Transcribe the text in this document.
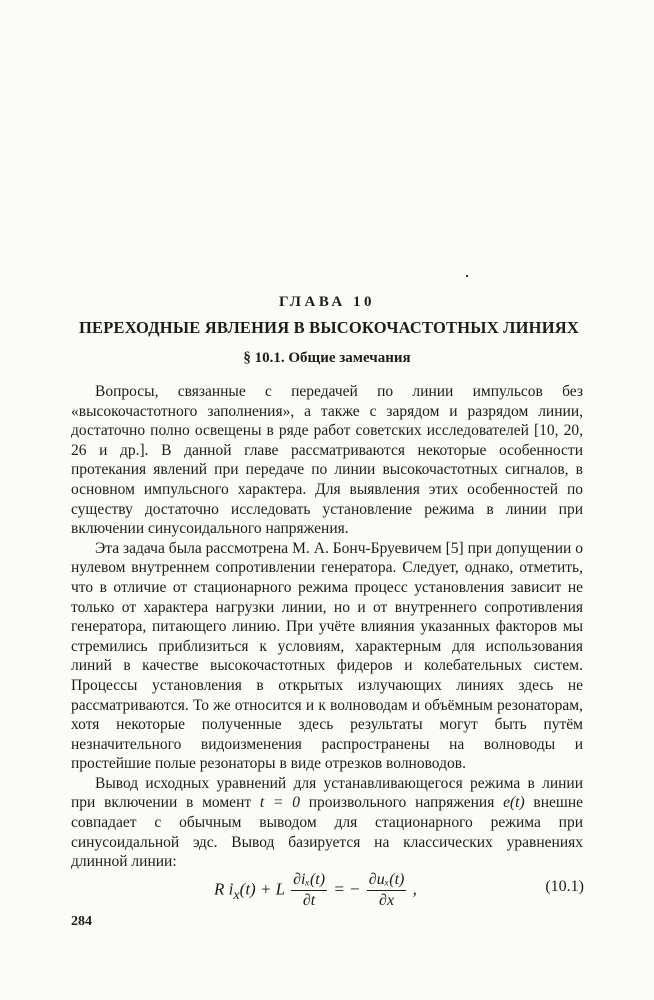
ГЛАВА 10
ПЕРЕХОДНЫЕ ЯВЛЕНИЯ В ВЫСОКОЧАСТОТНЫХ ЛИНИЯХ
§ 10.1. Общие замечания

Вопросы, связанные с передачей по линии импульсов без «высокочастотного заполнения», а также с зарядом и разрядом линии, достаточно полно освещены в ряде работ советских исследователей [10, 20, 26 и др.]. В данной главе рассматриваются некоторые особенности протекания явлений при передаче по линии высокочастотных сигналов, в основном импульсного характера. Для выявления этих особенностей по существу достаточно исследовать установление режима в линии при включении синусоидального напряжения.

Эта задача была рассмотрена М. А. Бонч-Бруевичем [5] при допущении о нулевом внутреннем сопротивлении генератора. Следует, однако, отметить, что в отличие от стационарного режима процесс установления зависит не только от характера нагрузки линии, но и от внутреннего сопротивления генератора, питающего линию. При учёте влияния указанных факторов мы стремились приблизиться к условиям, характерным для использования линий в качестве высокочастотных фидеров и колебательных систем. Процессы установления в открытых излучающих линиях здесь не рассматриваются. То же относится и к волноводам и объёмным резонаторам, хотя некоторые полученные здесь результаты могут быть путём незначительного видоизменения распространены на волноводы и простейшие полые резонаторы в виде отрезков волноводов.

Вывод исходных уравнений для устанавливающегося режима в линии при включении в момент t = 0 произвольного напряжения e(t) внешне совпадает с обычным выводом для стационарного режима при синусоидальной эдс. Вывод базируется на классических уравнениях длинной линии:

R $i_x(t) + L \frac{\text{∂iₓ(t)}}{\partial t}$ = − $\frac{\text{∂uₓ(t)}}{\partial x}$ ,	(10.1)
284
